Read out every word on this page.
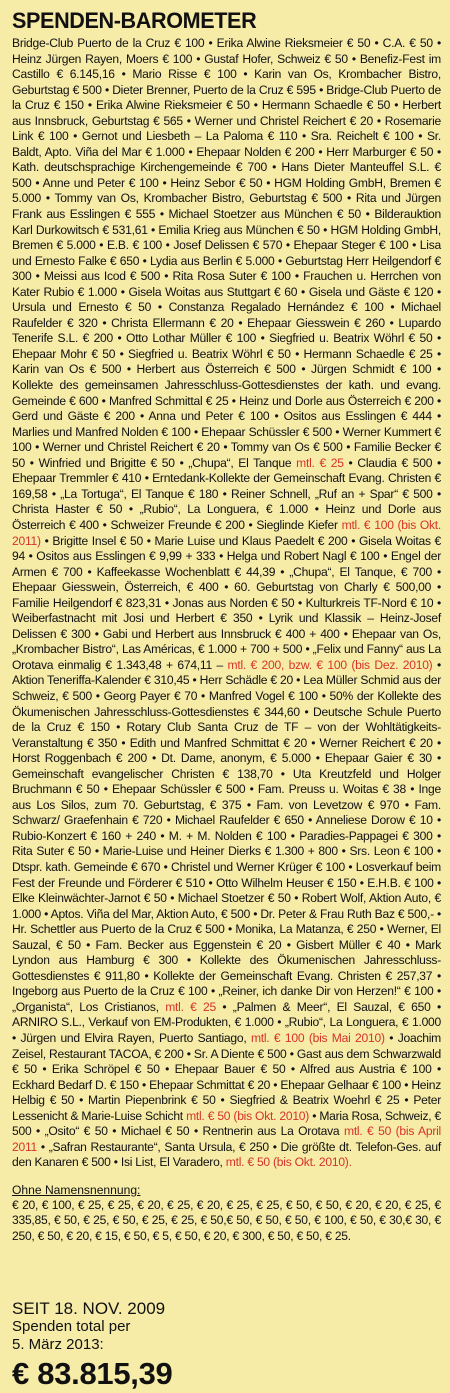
SPENDEN-BAROMETER
Bridge-Club Puerto de la Cruz € 100 • Erika Alwine Rieksmeier € 50 • C.A. € 50 • Heinz Jürgen Rayen, Moers € 100 • Gustaf Hofer, Schweiz € 50 • Benefiz-Fest im Castillo € 6.145,16 • Mario Risse € 100 • Karin van Os, Krombacher Bistro, Geburtstag € 500 • Dieter Brenner, Puerto de la Cruz € 595 • Bridge-Club Puerto de la Cruz € 150 • Erika Alwine Rieksmeier € 50 • Hermann Schaedle € 50 • Herbert aus Innsbruck, Geburtstag € 565 • Werner und Christel Reichert € 20 • Rosemarie Link € 100 • Gernot und Liesbeth – La Paloma € 110 • Sra. Reichelt € 100 • Sr. Baldt, Apto. Viña del Mar € 1.000 • Ehepaar Nolden € 200 • Herr Marburger € 50 • Kath. deutschsprachige Kirchengemeinde € 700 • Hans Dieter Manteuffel S.L. € 500 • Anne und Peter € 100 • Heinz Sebor € 50 • HGM Holding GmbH, Bremen € 5.000 • Tommy van Os, Krombacher Bistro, Geburtstag € 500 • Rita und Jürgen Frank aus Esslingen € 555 • Michael Stoetzer aus München € 50 • Bilderauktion Karl Durkowitsch € 531,61 • Emilia Krieg aus München € 50 • HGM Holding GmbH, Bremen € 5.000 • E.B. € 100 • Josef Delissen € 570 • Ehepaar Steger € 100 • Lisa und Ernesto Falke € 650 • Lydia aus Berlin € 5.000 • Geburtstag Herr Heilgendorf € 300 • Meissi aus Icod € 500 • Rita Rosa Suter € 100 • Frauchen u. Herrchen von Kater Rubio € 1.000 • Gisela Woitas aus Stuttgart € 60 • Gisela und Gäste € 120 • Ursula und Ernesto € 50 • Constanza Regalado Hernández € 100 • Michael Raufelder € 320 • Christa Ellermann € 20 • Ehepaar Giesswein € 260 • Lupardo Tenerife S.L. € 200 • Otto Lothar Müller € 100 • Siegfried u. Beatrix Wöhrl € 50 • Ehepaar Mohr € 50 • Siegfried u. Beatrix Wöhrl € 50 • Hermann Schaedle € 25 • Karin van Os € 500 • Herbert aus Österreich € 500 • Jürgen Schmidt € 100 • Kollekte des gemeinsamen Jahresschluss-Gottesdienstes der kath. und evang. Gemeinde € 600 • Manfred Schmittal € 25 • Heinz und Dorle aus Österreich € 200 • Gerd und Gäste € 200 • Anna und Peter € 100 • Ositos aus Esslingen € 444 • Marlies und Manfred Nolden € 100 • Ehepaar Schüssler € 500 • Werner Kummert € 100 • Werner und Christel Reichert € 20 • Tommy van Os € 500 • Familie Becker € 50 • Winfried und Brigitte € 50 • „Chupa“, El Tanque mtl. € 25 • Claudia € 500 • Ehepaar Tremmler € 410 • Erntedank-Kollekte der Gemeinschaft Evang. Christen € 169,58 • „La Tortuga“, El Tanque € 180 • Reiner Schnell, „Ruf an + Spar“ € 500 • Christa Haster € 50 • „Rubio“, La Longuera, € 1.000 • Heinz und Dorle aus Österreich € 400 • Schweizer Freunde € 200 • Sieglinde Kiefer mtl. € 100 (bis Okt. 2011) • Brigitte Insel € 50 • Marie Luise und Klaus Paedelt € 200 • Gisela Woitas € 94 • Ositos aus Esslingen € 9,99 + 333 • Helga und Robert Nagl € 100 • Engel der Armen € 700 • Kaffeekasse Wochenblatt € 44,39 • „Chupa“, El Tanque, € 700 • Ehepaar Giesswein, Österreich, € 400 • 60. Geburtstag von Charly € 500,00 • Familie Heilgendorf € 823,31 • Jonas aus Norden € 50 • Kulturkreis TF-Nord € 10 • Weiberfastnacht mit Josi und Herbert € 350 • Lyrik und Klassik – Heinz-Josef Delissen € 300 • Gabi und Herbert aus Innsbruck € 400 + 400 • Ehepaar van Os, „Krombacher Bistro“, Las Américas, € 1.000 + 700 + 500 • „Felix und Fanny“ aus La Orotava einmalig € 1.343,48 + 674,11 – mtl. € 200, bzw. € 100 (bis Dez. 2010) • Aktion Teneriffa-Kalender € 310,45 • Herr Schädle € 20 • Lea Müller Schmid aus der Schweiz, € 500 • Georg Payer € 70 • Manfred Vogel € 100 • 50% der Kollekte des Ökumenischen Jahresschluss-Gottesdienstes € 344,60 • Deutsche Schule Puerto de la Cruz € 150 • Rotary Club Santa Cruz de TF – von der Wohltätigkeits-Veranstaltung € 350 • Edith und Manfred Schmittat € 20 • Werner Reichert € 20 • Horst Roggenbach € 200 • Dt. Dame, anonym, € 5.000 • Ehepaar Gaier € 30 • Gemeinschaft evangelischer Christen € 138,70 • Uta Kreutzfeld und Holger Bruchmann € 50 • Ehepaar Schüssler € 500 • Fam. Preuss u. Woitas € 38 • Inge aus Los Silos, zum 70. Geburtstag, € 375 • Fam. von Levetzow € 970 • Fam. Schwarz/ Graefenhain € 720 • Michael Raufelder € 650 • Anneliese Dorow € 10 • Rubio-Konzert € 160 + 240 • M. + M. Nolden € 100 • Paradies-Pappagei € 300 • Rita Suter € 50 • Marie-Luise und Heiner Dierks € 1.300 + 800 • Srs. Leon € 100 • Dtspr. kath. Gemeinde € 670 • Christel und Werner Krüger € 100 • Losverkauf beim Fest der Freunde und Förderer € 510 • Otto Wilhelm Heuser € 150 • E.H.B. € 100 • Elke Kleinwächter-Jarnot € 50 • Michael Stoetzer € 50 • Robert Wolf, Aktion Auto, € 1.000 • Aptos. Viña del Mar, Aktion Auto, € 500 • Dr. Peter & Frau Ruth Baz € 500,- • Hr. Schettler aus Puerto de la Cruz € 500 • Monika, La Matanza, € 250 • Werner, El Sauzal, € 50 • Fam. Becker aus Eggenstein € 20 • Gisbert Müller € 40 • Mark Lyndon aus Hamburg € 300 • Kollekte des Ökumenischen Jahresschluss-Gottesdienstes € 911,80 • Kollekte der Gemeinschaft Evang. Christen € 257,37 • Ingeborg aus Puerto de la Cruz € 100 • „Reiner, ich danke Dir von Herzen!“ € 100 • „Organista“, Los Cristianos, mtl. € 25 • „Palmen & Meer“, El Sauzal, € 650 • ARNIRO S.L., Verkauf von EM-Produkten, € 1.000 • „Rubio“, La Longuera, € 1.000 • Jürgen und Elvira Rayen, Puerto Santiago, mtl. € 100 (bis Mai 2010) • Joachim Zeisel, Restaurant TACOA, € 200 • Sr. A Diente € 500 • Gast aus dem Schwarzwald € 50 • Erika Schröpel € 50 • Ehepaar Bauer € 50 • Alfred aus Austria € 100 • Eckhard Bedarf D. € 150 • Ehepaar Schmittat € 20 • Ehepaar Gelhaar € 100 • Heinz Helbig € 50 • Martin Piepenbrink € 50 • Siegfried & Beatrix Woehrl € 25 • Peter Lessenicht & Marie-Luise Schicht mtl. € 50 (bis Okt. 2010) • Maria Rosa, Schweiz, € 500 • „Osito“ € 50 • Michael € 50 • Rentnerin aus La Orotava mtl. € 50 (bis April 2011 • „Safran Restaurante“, Santa Ursula, € 250 • Die größte dt. Telefon-Ges. auf den Kanaren € 500 • Isi List, El Varadero, mtl. € 50 (bis Okt. 2010).
Ohne Namensnennung:
€ 20, € 100, € 25, € 25, € 20, € 25, € 20, € 25, € 25, € 50, € 50, € 20, € 20, € 25, € 335,85, € 50, € 25, € 50, € 25, € 25, € 50,€ 50, € 50, € 50, € 100, € 50, € 30,€ 30, € 250, € 50, € 20, € 15, € 50, € 5, € 50, € 20, € 300, € 50, € 50, € 25.
SEIT 18. NOV. 2009
Spenden total per
5. März 2013:
€ 83.815,39
